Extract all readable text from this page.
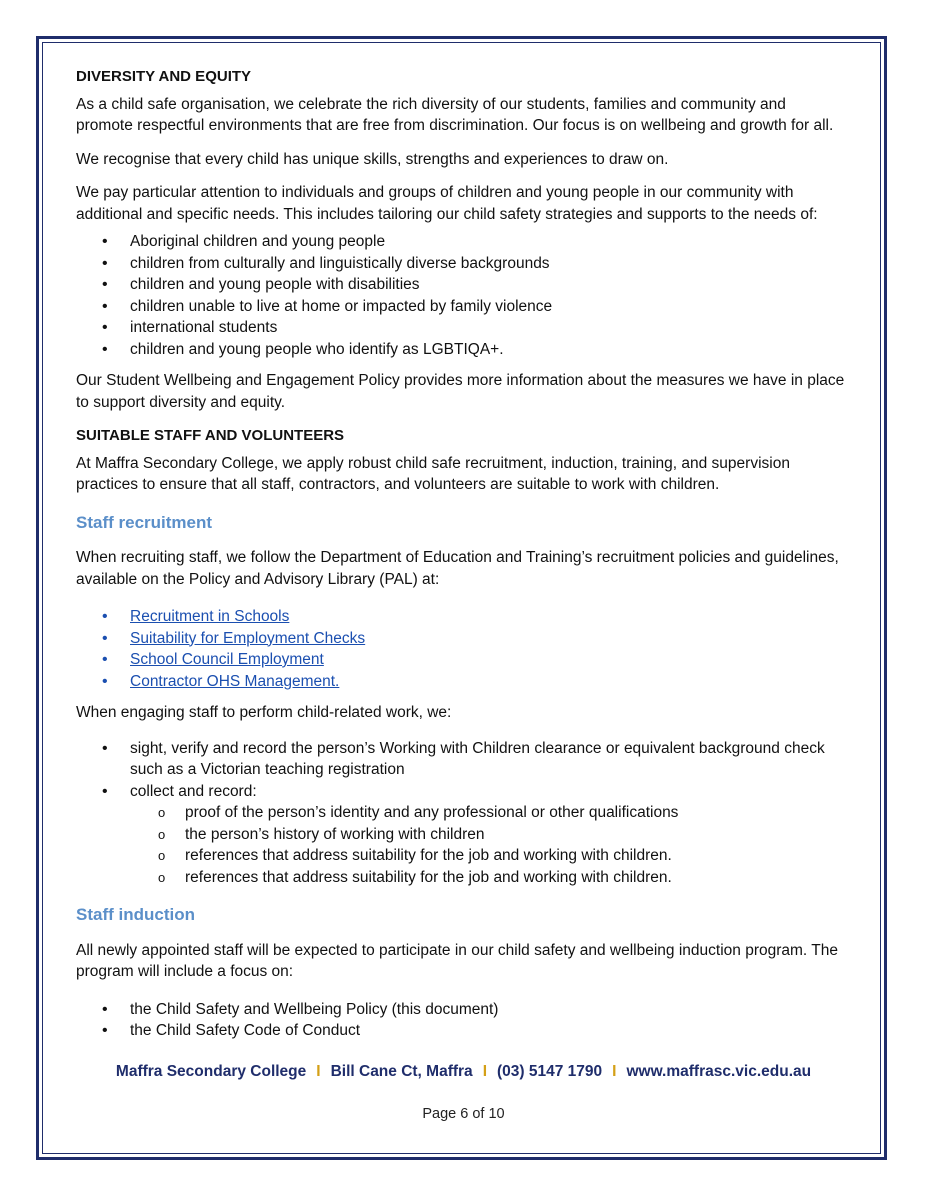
DIVERSITY AND EQUITY

As a child safe organisation, we celebrate the rich diversity of our students, families and community and promote respectful environments that are free from discrimination. Our focus is on wellbeing and growth for all.

We recognise that every child has unique skills, strengths and experiences to draw on.

We pay particular attention to individuals and groups of children and young people in our community with additional and specific needs. This includes tailoring our child safety strategies and supports to the needs of:

• Aboriginal children and young people
• children from culturally and linguistically diverse backgrounds
• children and young people with disabilities
• children unable to live at home or impacted by family violence
• international students
• children and young people who identify as LGBTIQA+.

Our Student Wellbeing and Engagement Policy provides more information about the measures we have in place to support diversity and equity.

SUITABLE STAFF AND VOLUNTEERS

At Maffra Secondary College, we apply robust child safe recruitment, induction, training, and supervision practices to ensure that all staff, contractors, and volunteers are suitable to work with children.

Staff recruitment

When recruiting staff, we follow the Department of Education and Training’s recruitment policies and guidelines, available on the Policy and Advisory Library (PAL) at:

• Recruitment in Schools
• Suitability for Employment Checks
• School Council Employment
• Contractor OHS Management.

When engaging staff to perform child-related work, we:

• sight, verify and record the person’s Working with Children clearance or equivalent background check such as a Victorian teaching registration
• collect and record:
o proof of the person’s identity and any professional or other qualifications
o the person’s history of working with children
o references that address suitability for the job and working with children.
o references that address suitability for the job and working with children.
Staff induction

All newly appointed staff will be expected to participate in our child safety and wellbeing induction program. The program will include a focus on:

• the Child Safety and Wellbeing Policy (this document)
• the Child Safety Code of Conduct
Maffra Secondary College I Bill Cane Ct, Maffra I (03) 5147 1790 I www.maffrasc.vic.edu.au
Page 6 of 10
